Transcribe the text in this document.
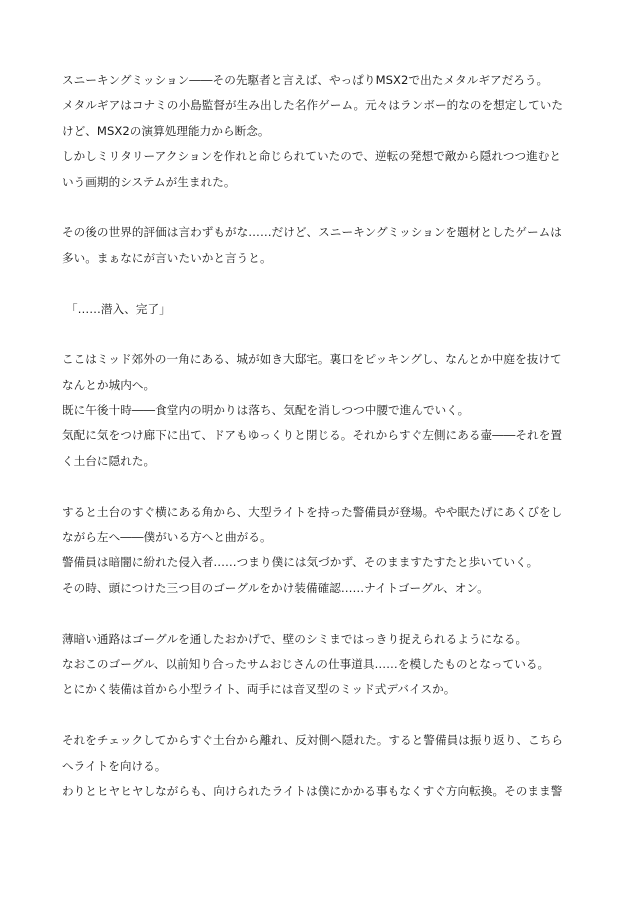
スニーキングミッション――その先駆者と言えば、やっぱりMSX2で出たメタルギアだろう。
メタルギアはコナミの小島監督が生み出した名作ゲーム。元々はランボー的なのを想定していた
けど、MSX2の演算処理能力から断念。
しかしミリタリーアクションを作れと命じられていたので、逆転の発想で敵から隠れつつ進むと
いう画期的システムが生まれた。
その後の世界的評価は言わずもがな……だけど、スニーキングミッションを題材としたゲームは
多い。まぁなにが言いたいかと言うと。
「……潜入、完了」
ここはミッド郊外の一角にある、城が如き大邸宅。裏口をピッキングし、なんとか中庭を抜けて
なんとか城内へ。
既に午後十時――食堂内の明かりは落ち、気配を消しつつ中腰で進んでいく。
気配に気をつけ廊下に出て、ドアもゆっくりと閉じる。それからすぐ左側にある壷――それを置
く土台に隠れた。
すると土台のすぐ横にある角から、大型ライトを持った警備員が登場。やや眠たげにあくびをし
ながら左へ――僕がいる方へと曲がる。
警備員は暗闇に紛れた侵入者……つまり僕には気づかず、そのまますたすたと歩いていく。
その時、頭につけた三つ目のゴーグルをかけ装備確認……ナイトゴーグル、オン。
薄暗い通路はゴーグルを通したおかげで、壁のシミまではっきり捉えられるようになる。
なおこのゴーグル、以前知り合ったサムおじさんの仕事道具……を模したものとなっている。
とにかく装備は首から小型ライト、両手には音叉型のミッド式デバイスか。
それをチェックしてからすぐ土台から離れ、反対側へ隠れた。すると警備員は振り返り、こちら
へライトを向ける。
わりとヒヤヒヤしながらも、向けられたライトは僕にかかる事もなくすぐ方向転換。そのまま警
